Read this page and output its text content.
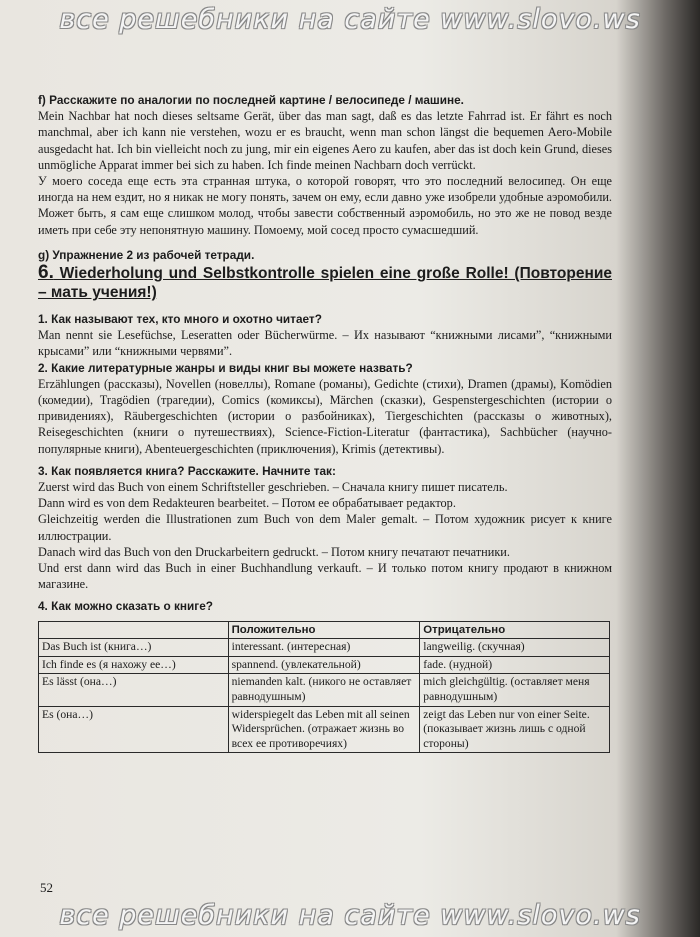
все решебники на сайте www.slovo.ws

f) Расскажите по аналогии по последней картине / велосипеде / машине.

Mein Nachbar hat noch dieses seltsame Gerät, über das man sagt, daß es das letzte Fahrrad ist. Er fährt es noch manchmal, aber ich kann nie verstehen, wozu er es braucht, wenn man schon längst die bequemen Aero-Mobile ausgedacht hat. Ich bin vielleicht noch zu jung, mir ein eigenes Aero zu kaufen, aber das ist doch kein Grund, dieses unmögliche Apparat immer bei sich zu haben. Ich finde meinen Nachbarn doch verrückt.

У моего соседа еще есть эта странная штука, о которой говорят, что это последний велосипед. Он еще иногда на нем ездит, но я никак не могу понять, зачем он ему, если давно уже изобрели удобные аэромобили. Может быть, я сам еще слишком молод, чтобы завести собственный аэромобиль, но это же не повод везде иметь при себе эту непонятную машину. Помоему, мой сосед просто сумасшедший.

g) Упражнение 2 из рабочей тетради.

6. Wiederholung und Selbstkontrolle spielen eine große Rolle! (Повторение – мать учения!)

1. Как называют тех, кто много и охотно читает?

Man nennt sie Lesefüchse, Leseratten oder Bücherwürme. – Их называют “книжными лисами”, “книжными крысами” или “книжными червями”.

2. Какие литературные жанры и виды книг вы можете назвать?

Erzählungen (рассказы), Novellen (новеллы), Romane (романы), Gedichte (стихи), Dramen (драмы), Komödien (комедии), Tragödien (трагедии), Comics (комиксы), Märchen (сказки), Gespenstergeschichten (истории о привидениях), Räubergeschichten (истории о разбойниках), Tiergeschichten (рассказы о животных), Reisegeschichten (книги о путешествиях), Science-Fiction-Literatur (фантастика), Sachbücher (научно-популярные книги), Abenteuergeschichten (приключения), Krimis (детективы).

3. Как появляется книга? Расскажите. Начните так:

Zuerst wird das Buch von einem Schriftsteller geschrieben. – Сначала книгу пишет писатель.

Dann wird es von dem Redakteuren bearbeitet. – Потом ее обрабатывает редактор.

Gleichzeitig werden die Illustrationen zum Buch von dem Maler gemalt. – Потом художник рисует к книге иллюстрации.

Danach wird das Buch von den Druckarbeitern gedruckt. – Потом книгу печатают печатники.

Und erst dann wird das Buch in einer Buchhandlung verkauft. – И только потом книгу продают в книжном магазине.

4. Как можно сказать о книге?

	Положительно	Отрицательно
Das Buch ist (книга…)	interessant. (интересная)	langweilig. (скучная)
Ich finde es (я нахожу ее…)	spannend. (увлекательной)	fade. (нудной)
Es lässt (она…)	niemanden kalt. (никого не оставляет равнодушным)	mich gleichgültig. (оставляет меня равнодушным)
Es (она…)	widerspiegelt das Leben mit all seinen Widersprüchen. (отражает жизнь во всех ее противоречиях)	zeigt das Leben nur von einer Seite. (показывает жизнь лишь с одной стороны)
52
все решебники на сайте www.slovo.ws
